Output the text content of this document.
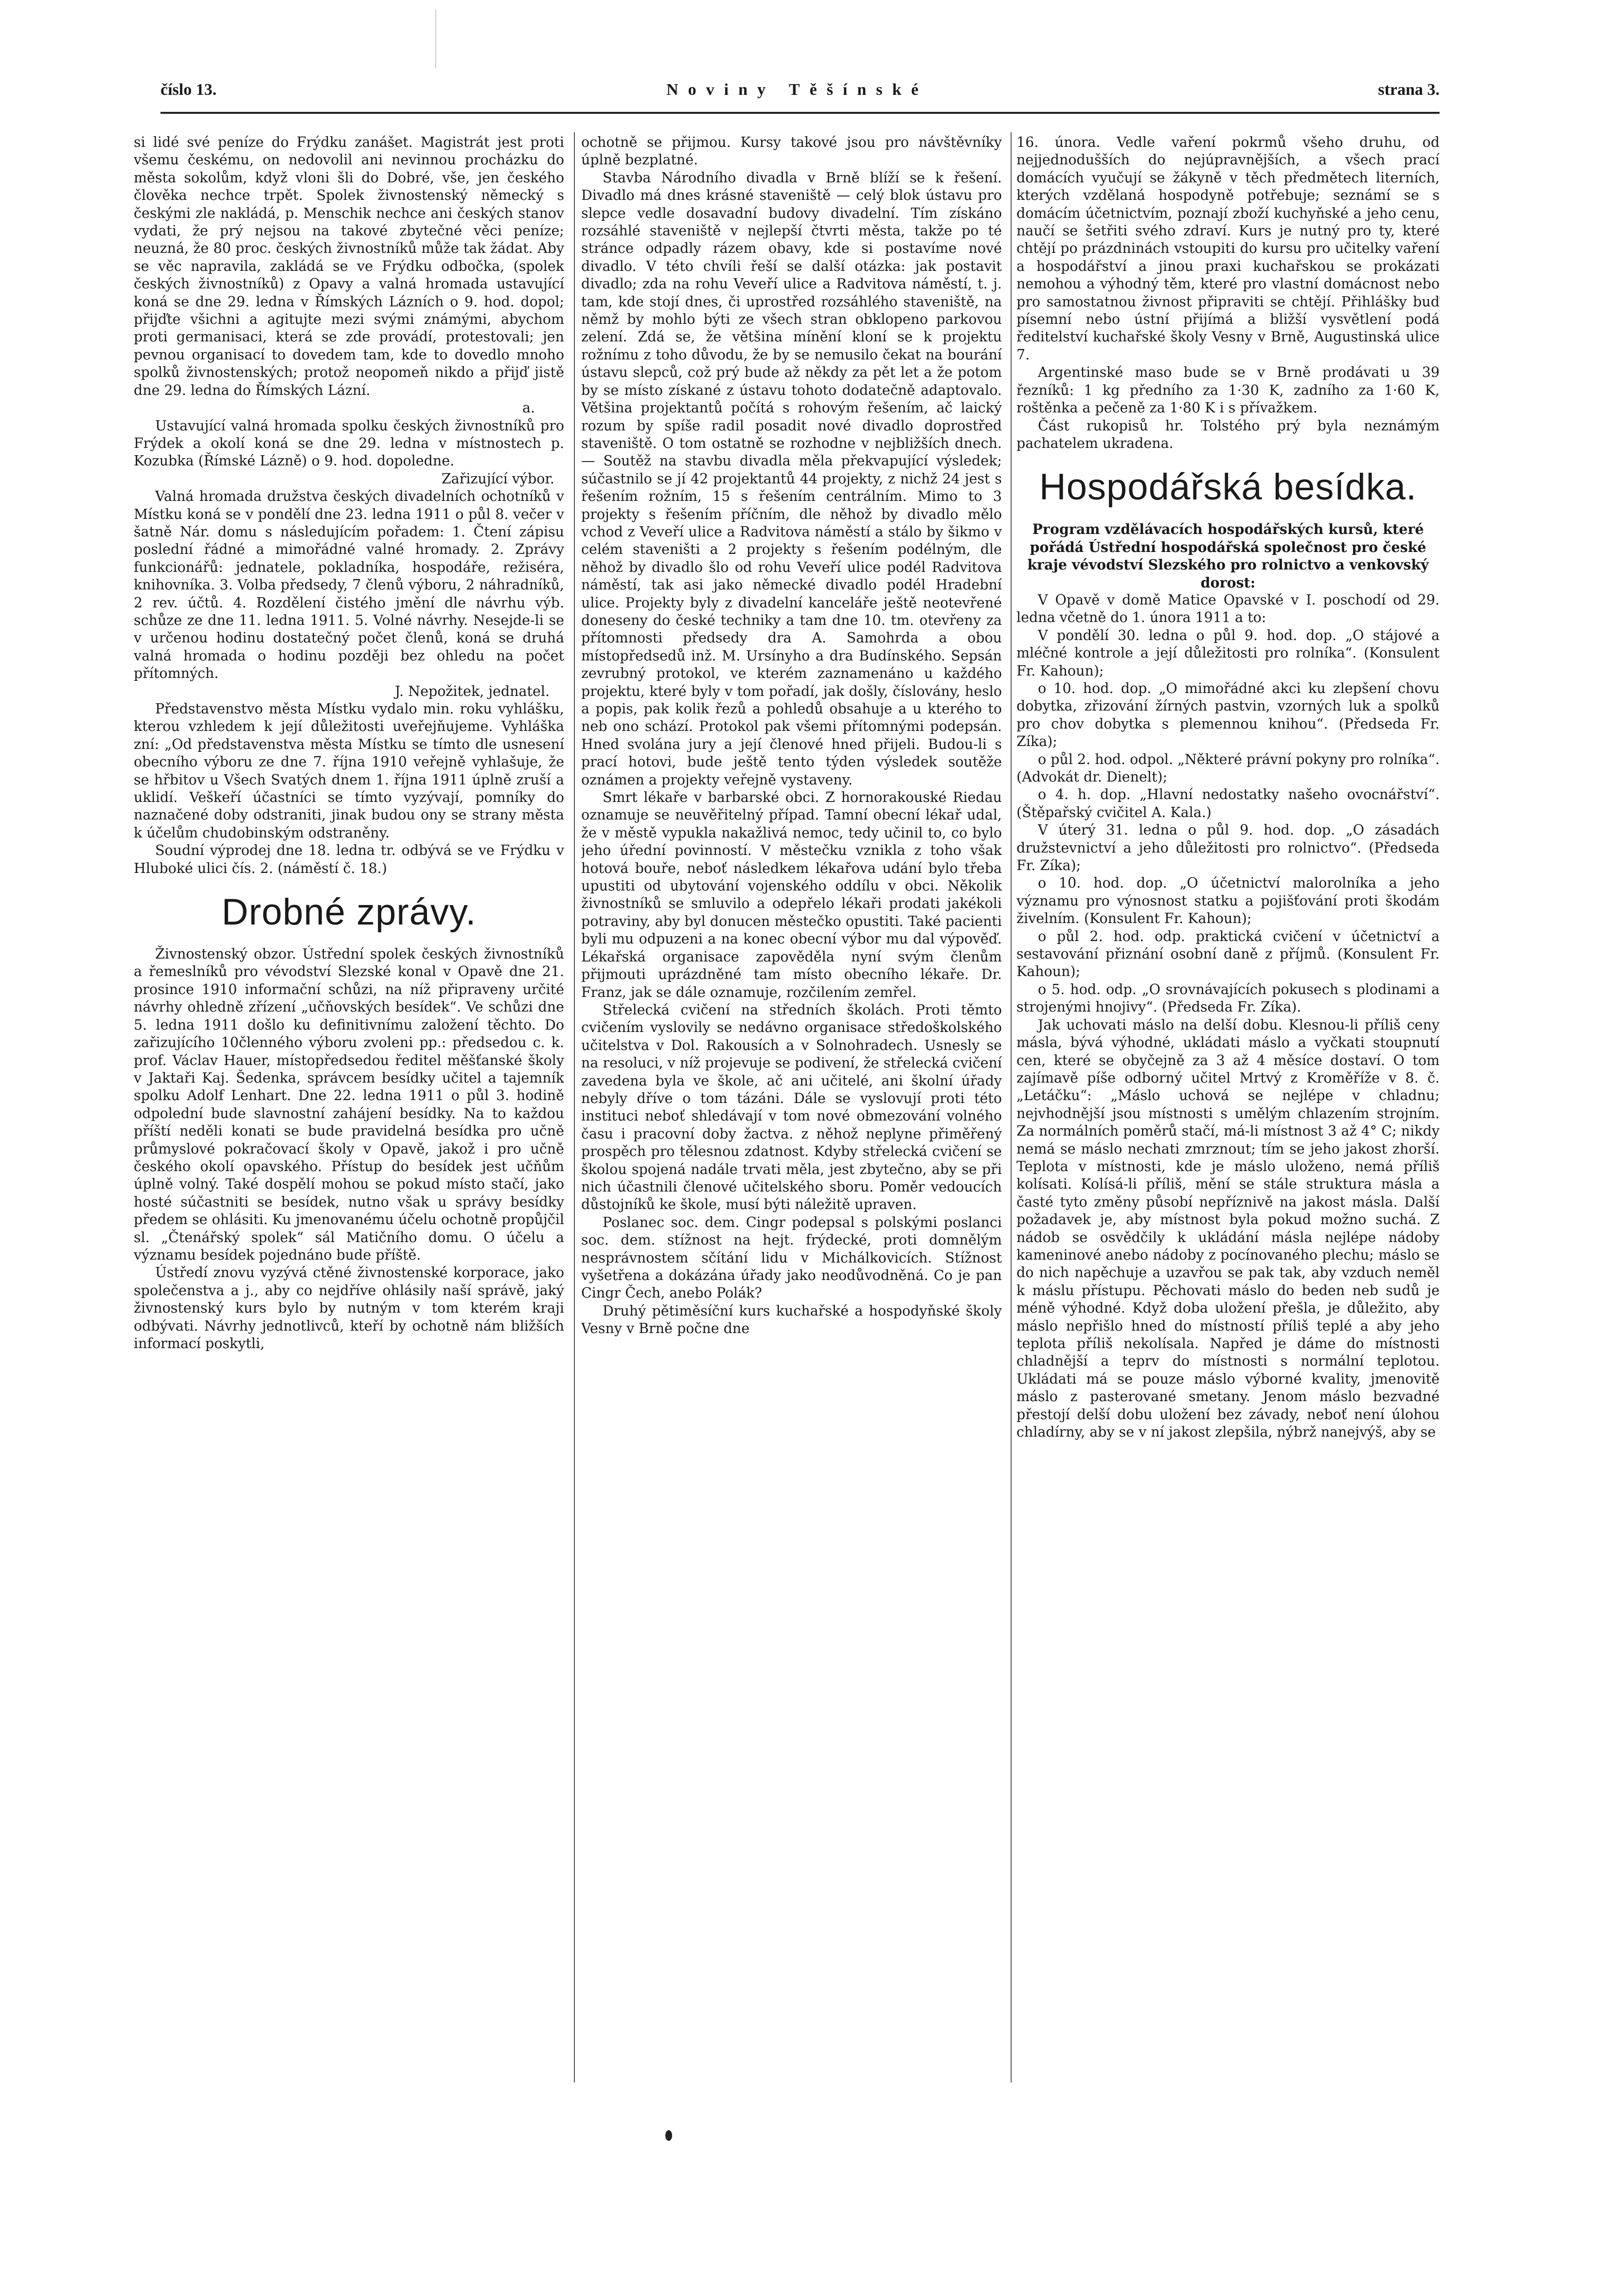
číslo 13.	Noviny Těšínské	strana 3.

si lidé své peníze do Frýdku zanášet. Magistrát jest proti všemu českému, on nedovolil ani nevinnou procházku do města sokolům, když vloni šli do Dobré, vše, jen českého člověka nechce trpět. Spolek živnostenský německý s českými zle nakládá, p. Menschik nechce ani českých stanov vydati, že prý nejsou na takové zbytečné věci peníze; neuzná, že 80 proc. českých živnostníků může tak žádat. Aby se věc napravila, zakládá se ve Frýdku odbočka, (spolek českých živnostníků) z Opavy a valná hromada ustavující koná se dne 29. ledna v Římských Lázních o 9. hod. dopol; přijďte všichni a agitujte mezi svými známými, abychom proti germanisaci, která se zde provádí, protestovali; jen pevnou organisací to dovedem tam, kde to dovedlo mnoho spolků živnostenských; protož neopomeň nikdo a přijď jistě dne 29. ledna do Římských Lázní.

a.

Ustavující valná hromada spolku českých živnostníků pro Frýdek a okolí koná se dne 29. ledna v místnostech p. Kozubka (Římské Lázně) o 9. hod. dopoledne.

Zařizující výbor.

Valná hromada družstva českých divadelních ochotníků v Místku koná se v pondělí dne 23. ledna 1911 o půl 8. večer v šatně Nár. domu s následujícím pořadem: 1. Čtení zápisu poslední řádné a mimořádné valné hromady. 2. Zprávy funkcionářů: jednatele, pokladníka, hospodáře, režiséra, knihovníka. 3. Volba předsedy, 7 členů výboru, 2 náhradníků, 2 rev. účtů. 4. Rozdělení čistého jmění dle návrhu výb. schůze ze dne 11. ledna 1911. 5. Volné návrhy. Nesejde-li se v určenou hodinu dostatečný počet členů, koná se druhá valná hromada o hodinu později bez ohledu na počet přítomných.

J. Nepožitek, jednatel.

Představenstvo města Místku vydalo min. roku vyhlášku, kterou vzhledem k její důležitosti uveřejňujeme. Vyhláška zní: „Od představenstva města Místku se tímto dle usnesení obecního výboru ze dne 7. října 1910 veřejně vyhlašuje, že se hřbitov u Všech Svatých dnem 1. října 1911 úplně zruší a uklidí. Veškeří účastníci se tímto vyzývají, pomníky do naznačené doby odstraniti, jinak budou ony se strany města k účelům chudobinským odstraněny.

Soudní výprodej dne 18. ledna tr. odbývá se ve Frýdku v Hluboké ulici čís. 2. (náměstí č. 18.)

Drobné zprávy.

Živnostenský obzor. Ústřední spolek českých živnostníků a řemeslníků pro vévodství Slezské konal v Opavě dne 21. prosince 1910 informační schůzi, na níž připraveny určité návrhy ohledně zřízení „učňovských besídek“. Ve schůzi dne 5. ledna 1911 došlo ku definitivnímu založení těchto. Do zařizujícího 10členného výboru zvoleni pp.: předsedou c. k. prof. Václav Hauer, místopředsedou ředitel měšťanské školy v Jaktaři Kaj. Šedenka, správcem besídky učitel a tajemník spolku Adolf Lenhart. Dne 22. ledna 1911 o půl 3. hodině odpolední bude slavnostní zahájení besídky. Na to každou příští neděli konati se bude pravidelná besídka pro učně průmyslové pokračovací školy v Opavě, jakož i pro učně českého okolí opavského. Přístup do besídek jest učňům úplně volný. Také dospělí mohou se pokud místo stačí, jako hosté súčastniti se besídek, nutno však u správy besídky předem se ohlásiti. Ku jmenovanému účelu ochotně propůjčil sl. „Čtenářský spolek“ sál Matičního domu. O účelu a významu besídek pojednáno bude příště.

Ústředí znovu vyzývá ctěné živnostenské korporace, jako společenstva a j., aby co nejdříve ohlásily naší správě, jaký živnostenský kurs bylo by nutným v tom kterém kraji odbývati. Návrhy jednotlivců, kteří by ochotně nám bližších informací poskytli,

ochotně se přijmou. Kursy takové jsou pro návštěvníky úplně bezplatné.

Stavba Národního divadla v Brně blíží se k řešení. Divadlo má dnes krásné staveniště — celý blok ústavu pro slepce vedle dosavadní budovy divadelní. Tím získáno rozsáhlé staveniště v nejlepší čtvrti města, takže po té stránce odpadly rázem obavy, kde si postavíme nové divadlo. V této chvíli řeší se další otázka: jak postavit divadlo; zda na rohu Veveří ulice a Radvitova náměstí, t. j. tam, kde stojí dnes, či uprostřed rozsáhlého staveniště, na němž by mohlo býti ze všech stran obklopeno parkovou zelení. Zdá se, že většina mínění kloní se k projektu rožnímu z toho důvodu, že by se nemusilo čekat na bourání ústavu slepců, což prý bude až někdy za pět let a že potom by se místo získané z ústavu tohoto dodatečně adaptovalo. Většina projektantů počítá s rohovým řešením, ač laický rozum by spíše radil posadit nové divadlo doprostřed staveniště. O tom ostatně se rozhodne v nejbližších dnech. — Soutěž na stavbu divadla měla překvapující výsledek; súčastnilo se jí 42 projektantů 44 projekty, z nichž 24 jest s řešením rožním, 15 s řešením centrálním. Mimo to 3 projekty s řešením příčním, dle něhož by divadlo mělo vchod z Veveří ulice a Radvitova náměstí a stálo by šikmo v celém staveništi a 2 projekty s řešením podélným, dle něhož by divadlo šlo od rohu Veveří ulice podél Radvitova náměstí, tak asi jako německé divadlo podél Hradební ulice. Projekty byly z divadelní kanceláře ještě neotevřené doneseny do české techniky a tam dne 10. tm. otevřeny za přítomnosti předsedy dra A. Samohrda a obou místopředsedů inž. M. Ursínyho a dra Budínského. Sepsán zevrubný protokol, ve kterém zaznamenáno u každého projektu, které byly v tom pořadí, jak došly, číslovány, heslo a popis, pak kolik řezů a pohledů obsahuje a u kterého to neb ono schází. Protokol pak všemi přítomnými podepsán. Hned svolána jury a její členové hned přijeli. Budou-li s prací hotovi, bude ještě tento týden výsledek soutěže oznámen a projekty veřejně vystaveny.

Smrt lékaře v barbarské obci. Z hornorakouské Riedau oznamuje se neuvěřitelný případ. Tamní obecní lékař udal, že v městě vypukla nakažlivá nemoc, tedy učinil to, co bylo jeho úřední povinností. V městečku vznikla z toho však hotová bouře, neboť následkem lékařova udání bylo třeba upustiti od ubytování vojenského oddílu v obci. Několik živnostníků se smluvilo a odepřelo lékaři prodati jakékoli potraviny, aby byl donucen městečko opustiti. Také pacienti byli mu odpuzeni a na konec obecní výbor mu dal výpověď. Lékařská organisace zapověděla nyní svým členům přijmouti uprázdněné tam místo obecního lékaře. Dr. Franz, jak se dále oznamuje, rozčilením zemřel.

Střelecká cvičení na středních školách. Proti těmto cvičením vyslovily se nedávno organisace středoškolského učitelstva v Dol. Rakousích a v Solnohradech. Usnesly se na resoluci, v níž projevuje se podivení, že střelecká cvičení zavedena byla ve škole, ač ani učitelé, ani školní úřady nebyly dříve o tom tázáni. Dále se vyslovují proti této instituci neboť shledávají v tom nové obmezování volného času i pracovní doby žactva. z něhož neplyne přiměřený prospěch pro tělesnou zdatnost. Kdyby střelecká cvičení se školou spojená nadále trvati měla, jest zbytečno, aby se při nich účastnili členové učitelského sboru. Poměr vedoucích důstojníků ke škole, musí býti náležitě upraven.

Poslanec soc. dem. Cingr podepsal s polskými poslanci soc. dem. stížnost na hejt. frýdecké, proti domnělým nesprávnostem sčítání lidu v Michálkovicích. Stížnost vyšetřena a dokázána úřady jako neodůvodněná. Co je pan Cingr Čech, anebo Polák?

Druhý pětiměsíční kurs kuchařské a hospodyňské školy Vesny v Brně počne dne

16. února. Vedle vaření pokrmů všeho druhu, od nejjednodušších do nejúpravnějších, a všech prací domácích vyučují se žákyně v těch předmětech literních, kterých vzdělaná hospodyně potřebuje; seznámí se s domácím účetnictvím, poznají zboží kuchyňské a jeho cenu, naučí se šetřiti svého zdraví. Kurs je nutný pro ty, které chtějí po prázdninách vstoupiti do kursu pro učitelky vaření a hospodářství a jinou praxi kuchařskou se prokázati nemohou a výhodný těm, které pro vlastní domácnost nebo pro samostatnou živnost připraviti se chtějí. Přihlášky buď písemní nebo ústní přijímá a bližší vysvětlení podá ředitelství kuchařské školy Vesny v Brně, Augustinská ulice 7.

Argentinské maso bude se v Brně prodávati u 39 řezníků: 1 kg předního za 1·30 K, zadního za 1·60 K, roštěnka a pečeně za 1·80 K i s přívažkem.

Část rukopisů hr. Tolstého prý byla neznámým pachatelem ukradena.

Hospodářská besídka.

Program vzdělávacích hospodářských kursů, které pořádá Ústřední hospodářská společnost pro české kraje vévodství Slezského pro rolnictvo a venkovský dorost:

V Opavě v domě Matice Opavské v I. poschodí od 29. ledna včetně do 1. února 1911 a to:

V pondělí 30. ledna o půl 9. hod. dop. „O stájové a mléčné kontrole a její důležitosti pro rolníka“. (Konsulent Fr. Kahoun);

o 10. hod. dop. „O mimořádné akci ku zlepšení chovu dobytka, zřizování žírných pastvin, vzorných luk a spolků pro chov dobytka s plemennou knihou“. (Předseda Fr. Zíka);

o půl 2. hod. odpol. „Některé právní pokyny pro rolníka“. (Advokát dr. Dienelt);

o 4. h. dop. „Hlavní nedostatky našeho ovocnářství“. (Štěpařský cvičitel A. Kala.)

V úterý 31. ledna o půl 9. hod. dop. „O zásadách družstevnictví a jeho důležitosti pro rolnictvo“. (Předseda Fr. Zíka);

o 10. hod. dop. „O účetnictví malorolníka a jeho významu pro výnosnost statku a pojišťování proti škodám živelním. (Konsulent Fr. Kahoun);

o půl 2. hod. odp. praktická cvičení v účetnictví a sestavování přiznání osobní daně z příjmů. (Konsulent Fr. Kahoun);

o 5. hod. odp. „O srovnávajících pokusech s plodinami a strojenými hnojivy“. (Předseda Fr. Zíka).

Jak uchovati máslo na delší dobu. Klesnou-li příliš ceny másla, bývá výhodné, ukládati máslo a vyčkati stoupnutí cen, které se obyčejně za 3 až 4 měsíce dostaví. O tom zajímavě píše odborný učitel Mrtvý z Kroměříže v 8. č. „Letáčku“: „Máslo uchová se nejlépe v chladnu; nejvhodnější jsou místnosti s umělým chlazením strojním. Za normálních poměrů stačí, má-li místnost 3 až 4° C; nikdy nemá se máslo nechati zmrznout; tím se jeho jakost zhorší. Teplota v místnosti, kde je máslo uloženo, nemá příliš kolísati. Kolísá-li příliš, mění se stále struktura másla a časté tyto změny působí nepříznivě na jakost másla. Další požadavek je, aby místnost byla pokud možno suchá. Z nádob se osvědčily k ukládání másla nejlépe nádoby kameninové anebo nádoby z pocínovaného plechu; máslo se do nich napěchuje a uzavřou se pak tak, aby vzduch neměl k máslu přístupu. Pěchovati máslo do beden neb sudů je méně výhodné. Když doba uložení přešla, je důležito, aby máslo nepřišlo hned do místností příliš teplé a aby jeho teplota příliš nekolísala. Napřed je dáme do místnosti chladnější a teprv do místnosti s normální teplotou. Ukládati má se pouze máslo výborné kvality, jmenovitě máslo z pasterované smetany. Jenom máslo bezvadné přestojí delší dobu uložení bez závady, neboť není úlohou chladírny, aby se v ní jakost zlepšila, nýbrž nanejvýš, aby se
